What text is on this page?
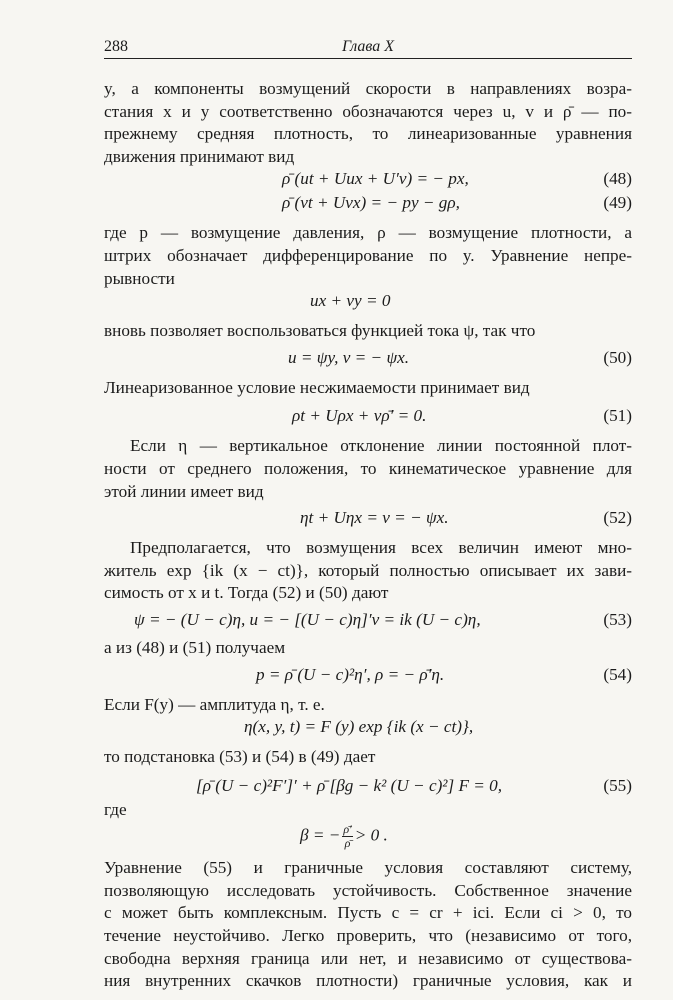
288	Глава X

y, а компоненты возмущений скорости в направлениях возра-

стания x и y соответственно обозначаются через u, v и ρ̄ — по-

прежнему средняя плотность, то линеаризованные уравнения

движения принимают вид

ρ̄ (ut + Uux + U′v) = − px,	(48)
ρ̄ (vt + Uvx) = − py − gρ,	(49)

где p — возмущение давления, ρ — возмущение плотности, а

штрих обозначает дифференцирование по y. Уравнение непре-

рывности

ux + vy = 0

вновь позволяет воспользоваться функцией тока ψ, так что

u = ψy, v = − ψx.	(50)

Линеаризованное условие несжимаемости принимает вид

ρt + Uρx + vρ̄′ = 0.	(51)

Если η — вертикальное отклонение линии постоянной плот-

ности от среднего положения, то кинематическое уравнение для

этой линии имеет вид

ηt + Uηx = v = − ψx.	(52)

Предполагается, что возмущения всех величин имеют мно-

житель exp {ik (x − ct)}, который полностью описывает их зави-

симость от x и t. Тогда (52) и (50) дают

ψ = − (U − c)η, u = − [(U − c)η]′v = ik (U − c)η,	(53)

а из (48) и (51) получаем

p = ρ̄ (U − c)²η′, ρ = − ρ̄′η.	(54)

Если F(y) — амплитуда η, т. е.

η(x, y, t) = F (y) exp {ik (x − ct)},

то подстановка (53) и (54) в (49) дает

[ρ̄ (U − c)²F′]′ + ρ̄ [βg − k² (U − c)²] F = 0,	(55)

где

β = − $\frac{\rhō'}{\rhō} > 0$ .

Уравнение (55) и граничные условия составляют систему,

позволяющую исследовать устойчивость. Собственное значение

c может быть комплексным. Пусть c = cr + ici. Если ci > 0, то

течение неустойчиво. Легко проверить, что (независимо от того,

свободна верхняя граница или нет, и независимо от существова-

ния внутренних скачков плотности) граничные условия, как и
